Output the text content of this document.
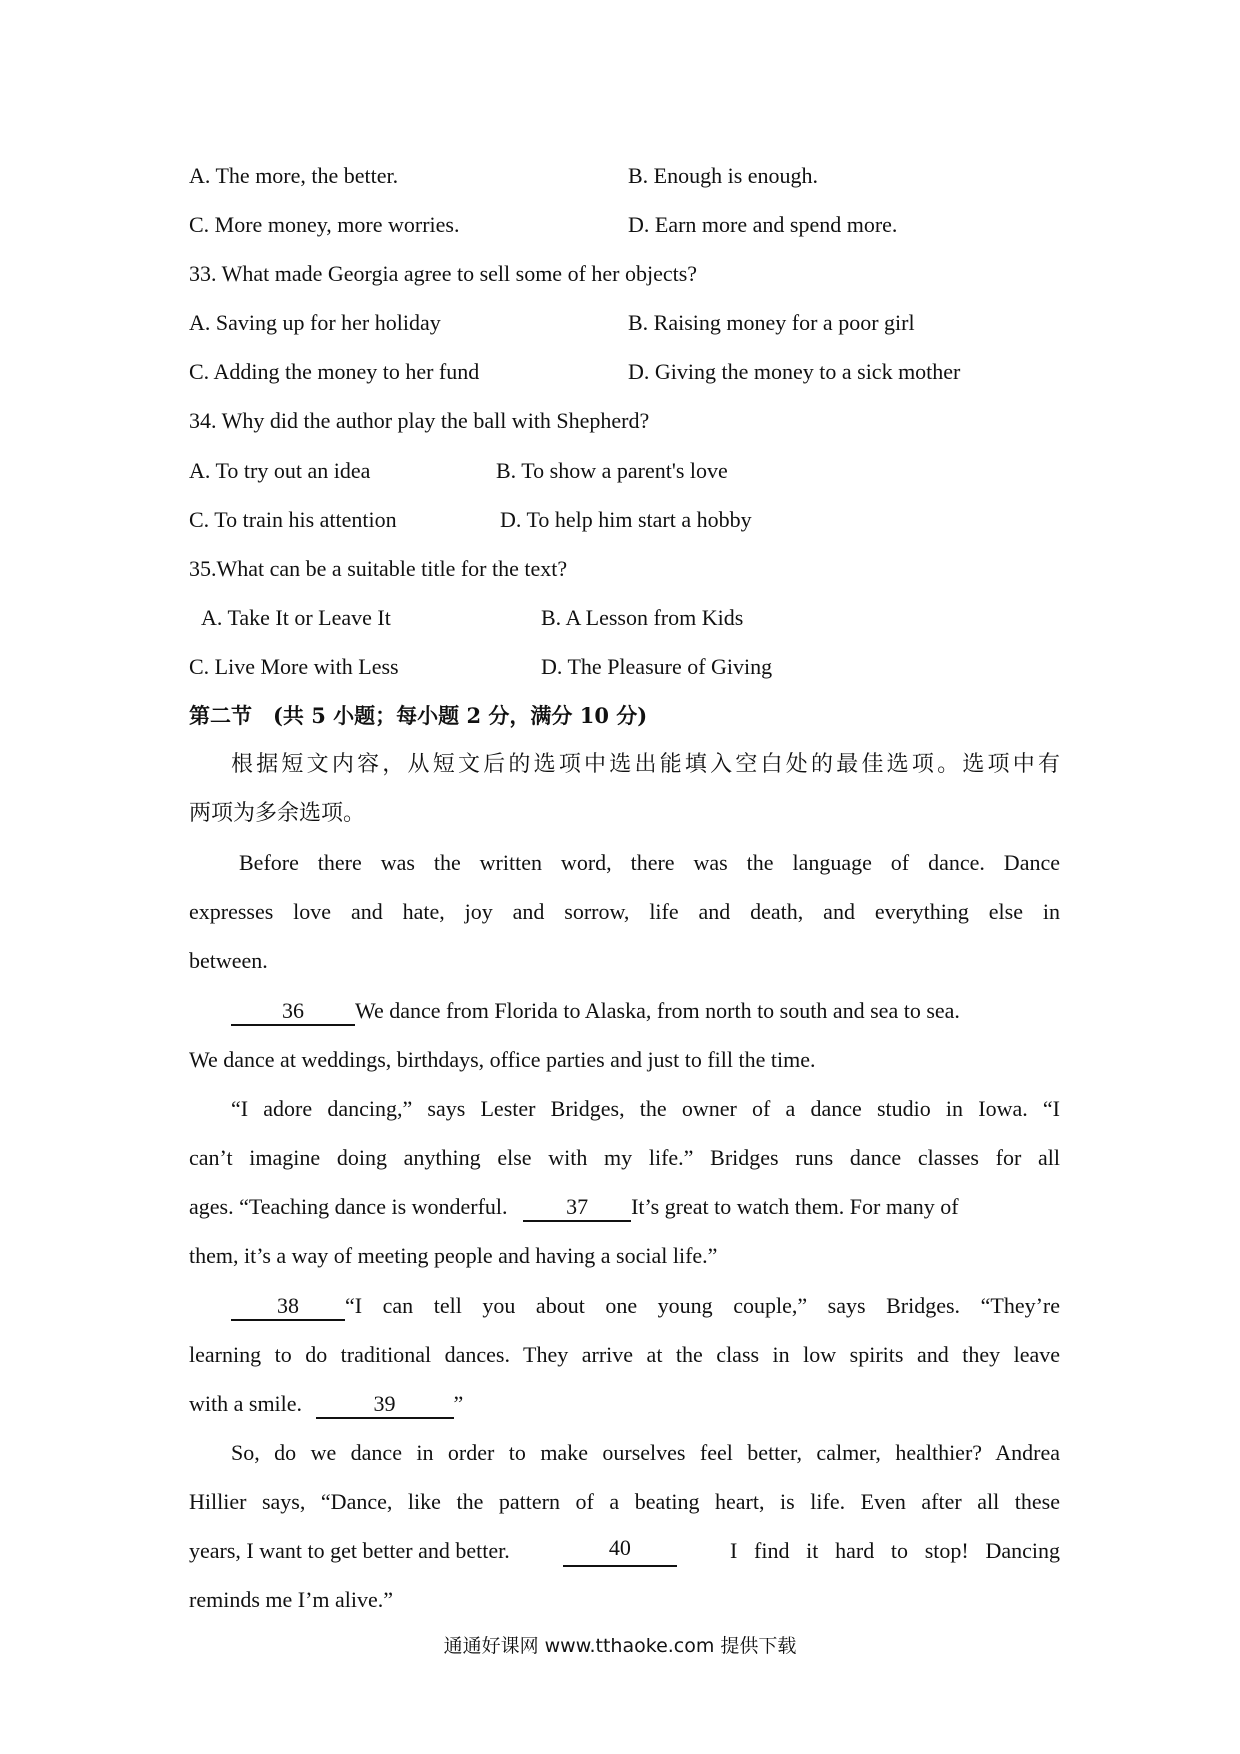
A. The more, the better.	B. Enough is enough.
C. More money, more worries.	D. Earn more and spend more.
33. What made Georgia agree to sell some of her objects?
A. Saving up for her holiday	B. Raising money for a poor girl
C. Adding the money to her fund	D. Giving the money to a sick mother
34. Why did the author play the ball with Shepherd?
A. To try out an idea	B. To show a parent's love
C. To train his attention	D. To help him start a hobby
35.What can be a suitable title for the text?
A. Take It or Leave It	B. A Lesson from Kids
C. Live More with Less	D. The Pleasure of Giving
第二节　(共 5 小题；每小题 2 分，满分 10 分)
根据短文内容，从短文后的选项中选出能填入空白处的最佳选项。选项中有
两项为多余选项。
Before there was the written word, there was the language of dance. Dance
expresses love and hate, joy and sorrow, life and death, and everything else in
between.
36 We dance from Florida to Alaska, from north to south and sea to sea.
We dance at weddings, birthdays, office parties and just to fill the time.
“I adore dancing,” says Lester Bridges, the owner of a dance studio in Iowa. “I
can’t imagine doing anything else with my life.” Bridges runs dance classes for all
ages. “Teaching dance is wonderful.	37 It’s great to watch them. For many of
them, it’s a way of meeting people and having a social life.”
38 “I can tell you about one young couple,” says Bridges. “They’re
learning to do traditional dances. They arrive at the class in low spirits and they leave
with a smile.	39	”
So, do we dance in order to make ourselves feel better, calmer, healthier? Andrea
Hillier says, “Dance, like the pattern of a beating heart, is life. Even after all these
years, I want to get better and better.	40	I find it hard to stop! Dancing
reminds me I’m alive.”
通通好课网 www.tthaoke.com 提供下载
